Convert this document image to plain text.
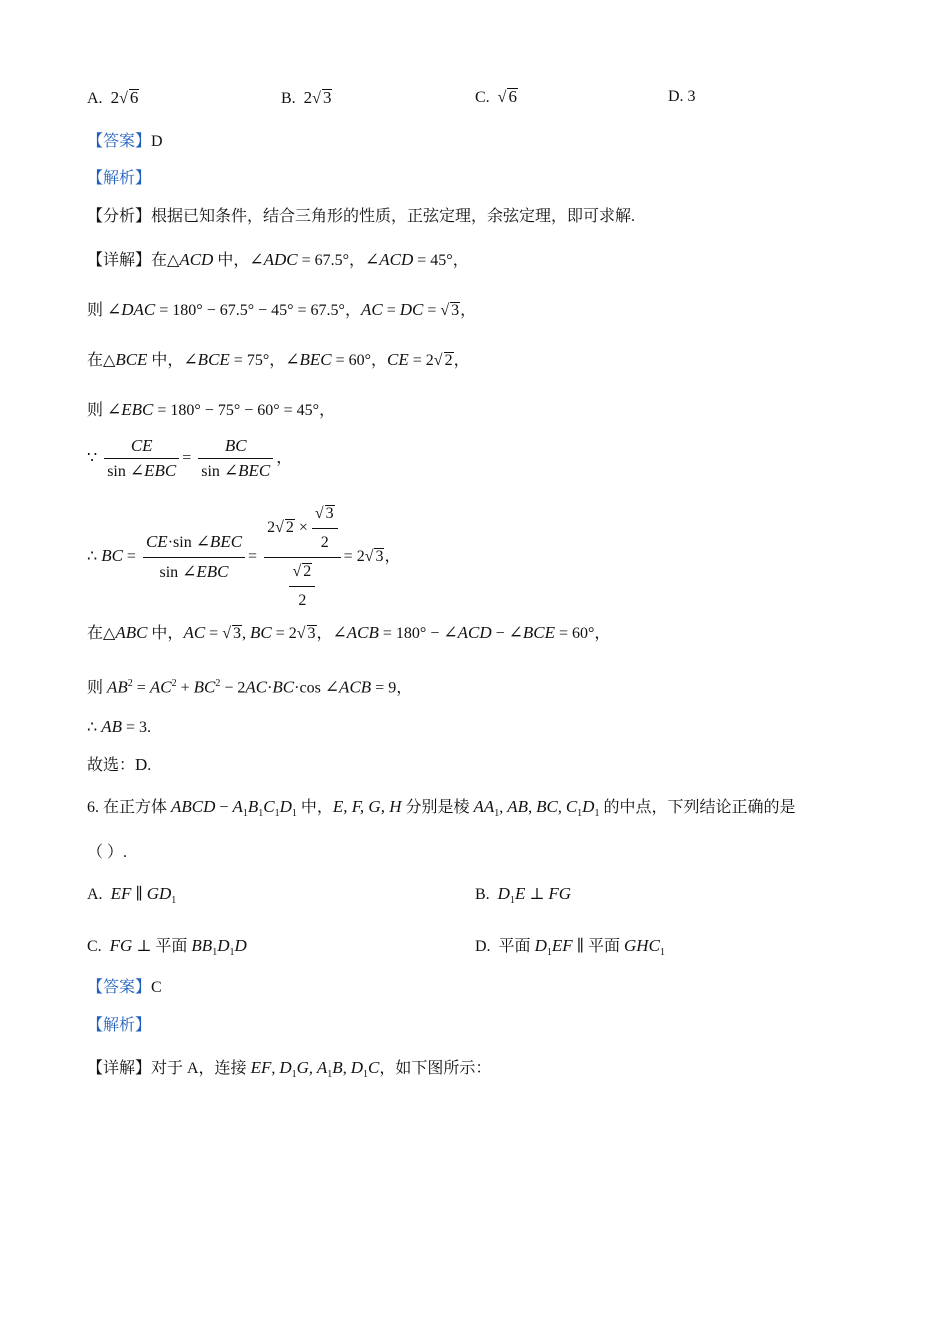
A.  2√ 6	B.  2√ 3	C.  √ 6	D. 3
【答案】D
【解析】
【分析】根据已知条件，结合三角形的性质，正弦定理，余弦定理，即可求解.
【详解】在△ACD 中，∠ADC = 67.5°，∠ACD = 45°，
则 ∠DAC = 180° − 67.5° − 45° = 67.5°，AC = DC = √ 3，
在△BCE 中，∠BCE = 75°，∠BEC = 60°，CE = 2√ 2，
则 ∠EBC = 180° − 75° − 60° = 45°，
∵ $\frac{CE}{\text{sin ∠EBC}} = \frac{BC}{\text{sin ∠BEC}}$ ，
∴ BC = $\frac{\text{CE·sin ∠BEC}}{\text{sin ∠EBC}} = \frac{2√ 2 \times \frac{√ 3}{2}}{\frac{√ 2}{2}} = 2√$ 3，
在△ABC 中，AC = √ 3, BC = 2√ 3，∠ACB = 180° − ∠ACD − ∠BCE = 60°，
则 $AB^2 = AC^2 + BC^2 - 2AC\cdot BC\cdot\cos$ ∠ACB = 9，
∴ AB = 3.
故选：D.
6. 在正方体 ABCD − $A_1B_1C_1D_1$ 中，E, F, G, H 分别是棱 $AA_1$, AB, BC, $C_1D_1$ 的中点，下列结论正确的是
（ ）.
A.  EF ∥ $GD_1$	B.  $D_1E$ ⊥ FG
C.  FG ⊥ 平面 $BB_1D_1D$	D.  平面 $D_1EF$ ∥ 平面 $GHC_1$
【答案】C
【解析】
【详解】对于 A，连接 EF, $D_1G$, $A_1B$, $D_1C$，如下图所示：
